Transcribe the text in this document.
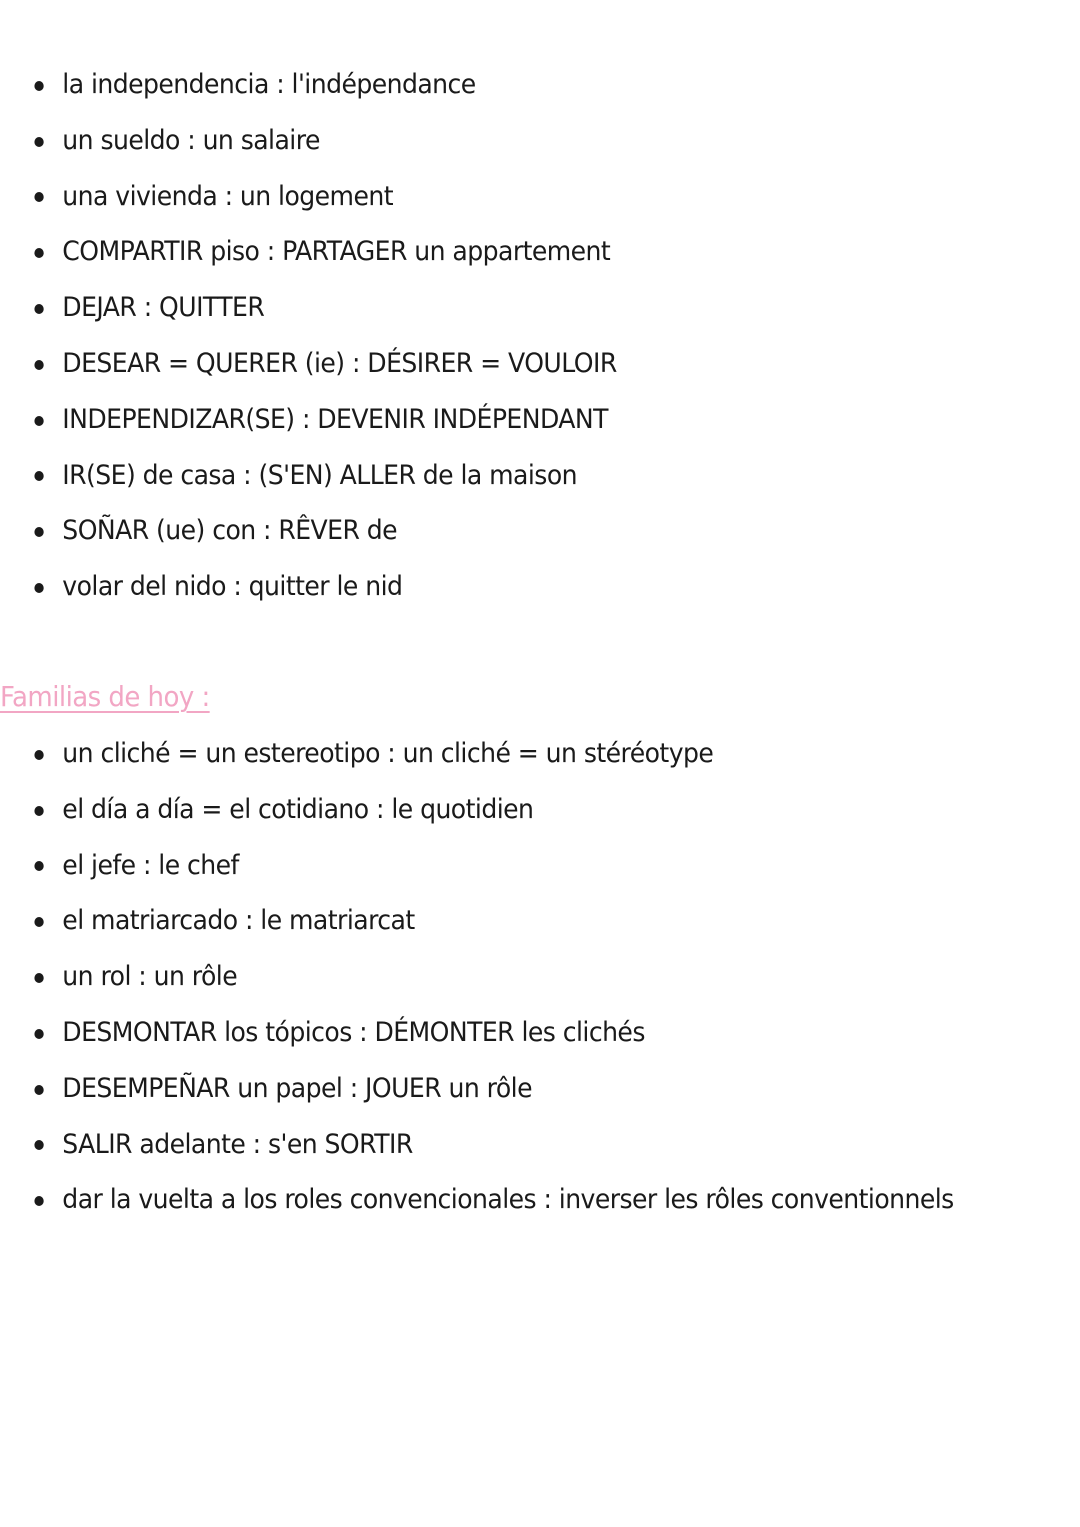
la independencia : l'indépendance
un sueldo : un salaire
una vivienda : un logement
COMPARTIR piso : PARTAGER un appartement
DEJAR : QUITTER
DESEAR = QUERER (ie) : DÉSIRER = VOULOIR
INDEPENDIZAR(SE) : DEVENIR INDÉPENDANT
IR(SE) de casa : (S'EN) ALLER de la maison
SOÑAR (ue) con : RÊVER de
volar del nido : quitter le nid
Familias de hoy :
un cliché = un estereotipo : un cliché = un stéréotype
el día a día = el cotidiano : le quotidien
el jefe : le chef
el matriarcado : le matriarcat
un rol : un rôle
DESMONTAR los tópicos : DÉMONTER les clichés
DESEMPEÑAR un papel : JOUER un rôle
SALIR adelante : s'en SORTIR
dar la vuelta a los roles convencionales : inverser les rôles conventionnels
